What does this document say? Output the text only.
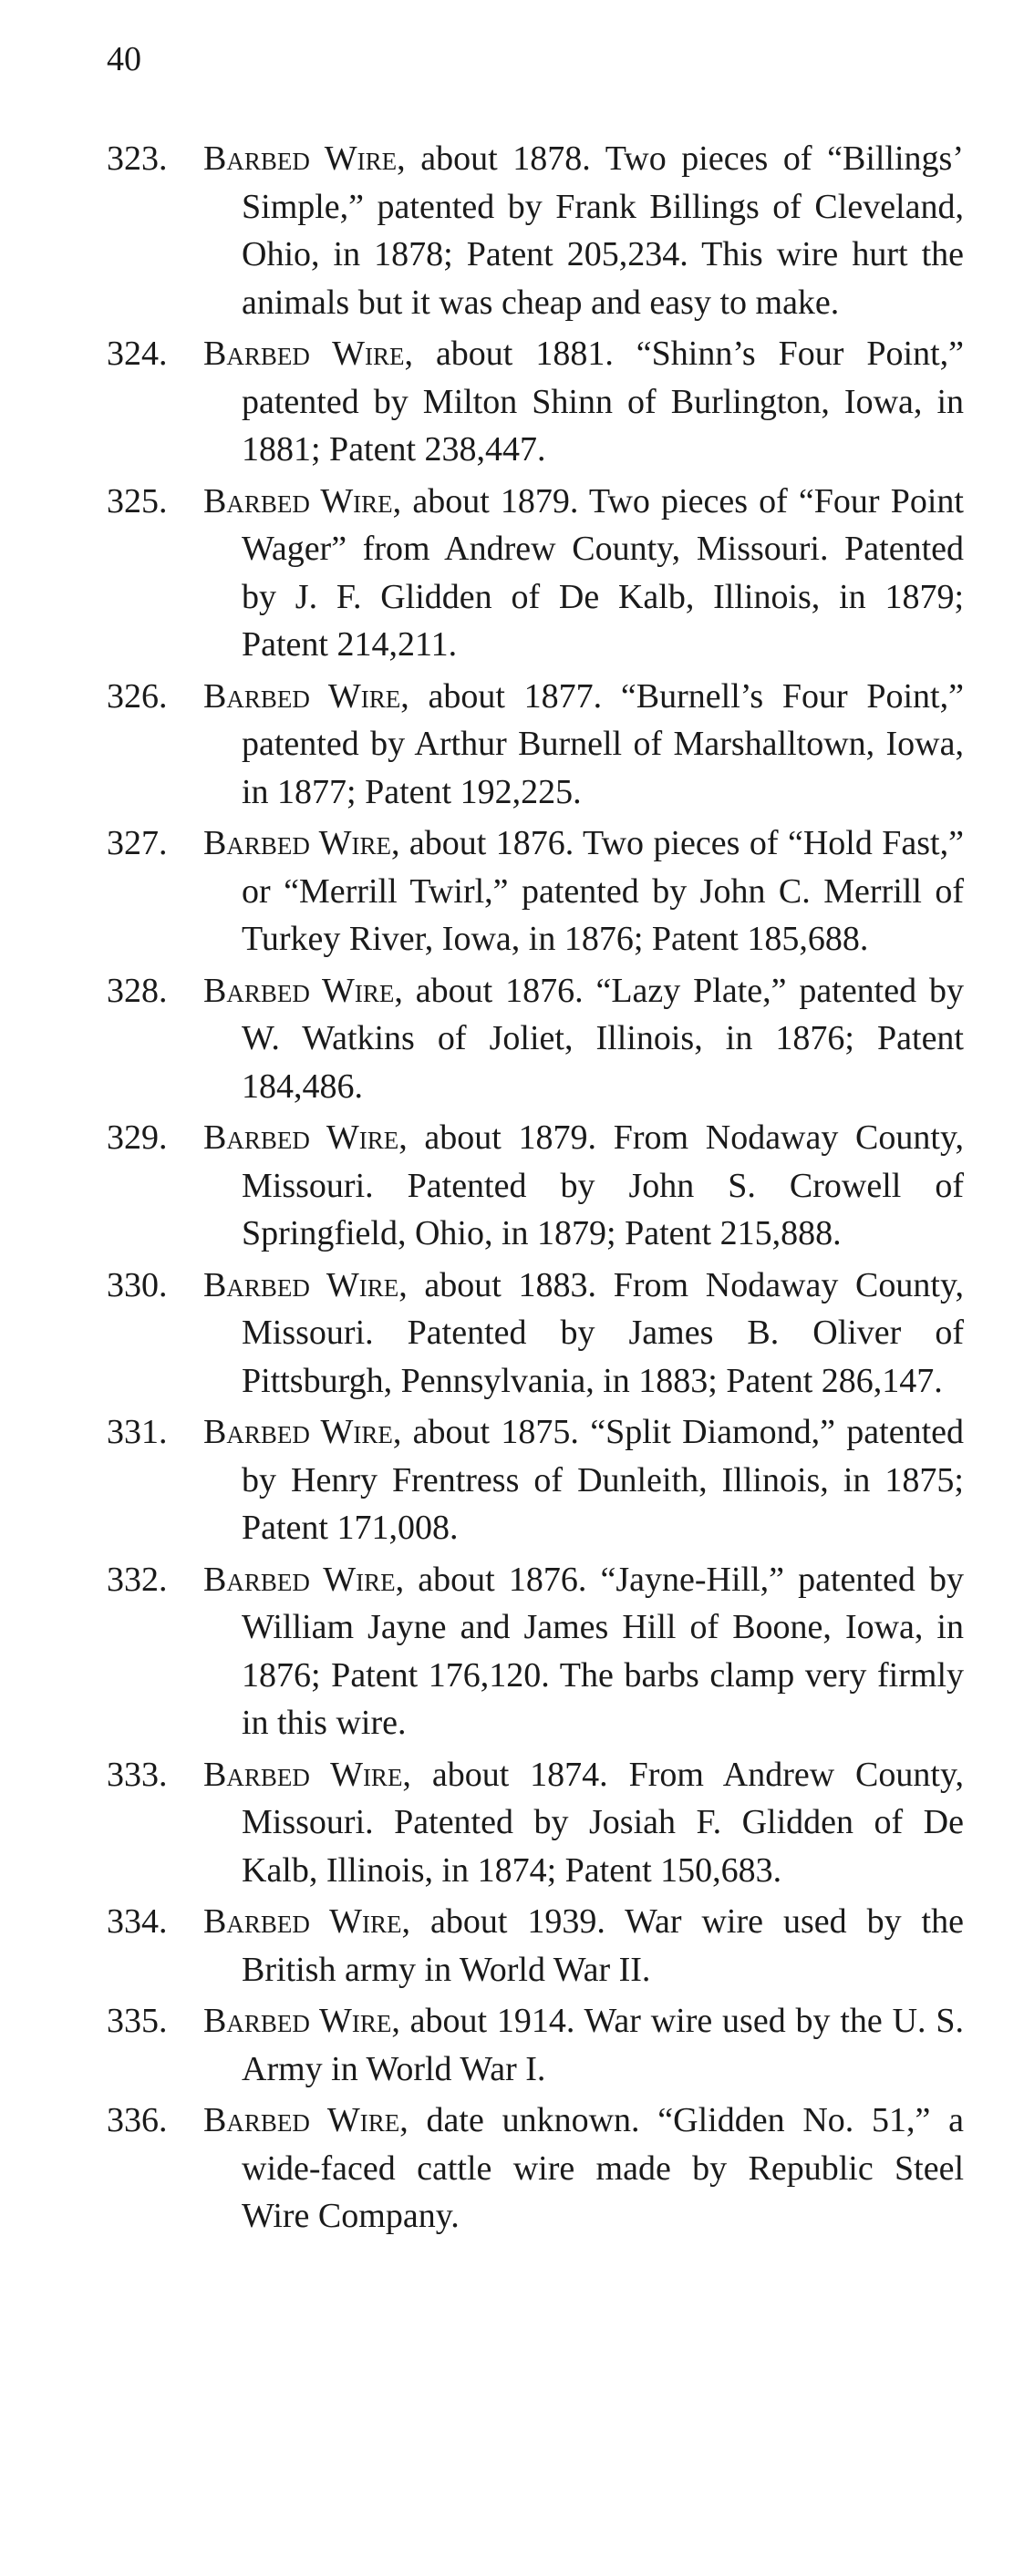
40
323.	Barbed Wire, about 1878. Two pieces of “Billings’ Simple,” patented by Frank Billings of Cleveland, Ohio, in 1878; Patent 205,234. This wire hurt the animals but it was cheap and easy to make.
324.	Barbed Wire, about 1881. “Shinn’s Four Point,” patented by Milton Shinn of Burlington, Iowa, in 1881; Patent 238,447.
325.	Barbed Wire, about 1879. Two pieces of “Four Point Wager” from Andrew County, Missouri. Patented by J. F. Glidden of De Kalb, Illinois, in 1879; Patent 214,211.
326.	Barbed Wire, about 1877. “Burnell’s Four Point,” patented by Arthur Burnell of Marshalltown, Iowa, in 1877; Patent 192,225.
327.	Barbed Wire, about 1876. Two pieces of “Hold Fast,” or “Merrill Twirl,” patented by John C. Merrill of Turkey River, Iowa, in 1876; Patent 185,688.
328.	Barbed Wire, about 1876. “Lazy Plate,” patented by W. Watkins of Joliet, Illinois, in 1876; Patent 184,486.
329.	Barbed Wire, about 1879. From Nodaway County, Missouri. Patented by John S. Crowell of Springfield, Ohio, in 1879; Patent 215,888.
330.	Barbed Wire, about 1883. From Nodaway County, Missouri. Patented by James B. Oliver of Pittsburgh, Pennsylvania, in 1883; Patent 286,147.
331.	Barbed Wire, about 1875. “Split Diamond,” patented by Henry Frentress of Dunleith, Illinois, in 1875; Patent 171,008.
332.	Barbed Wire, about 1876. “Jayne-Hill,” patented by William Jayne and James Hill of Boone, Iowa, in 1876; Patent 176,120. The barbs clamp very firmly in this wire.
333.	Barbed Wire, about 1874. From Andrew County, Missouri. Patented by Josiah F. Glidden of De Kalb, Illinois, in 1874; Patent 150,683.
334.	Barbed Wire, about 1939. War wire used by the British army in World War II.
335.	Barbed Wire, about 1914. War wire used by the U. S. Army in World War I.
336.	Barbed Wire, date unknown. “Glidden No. 51,” a wide-faced cattle wire made by Republic Steel Wire Company.
